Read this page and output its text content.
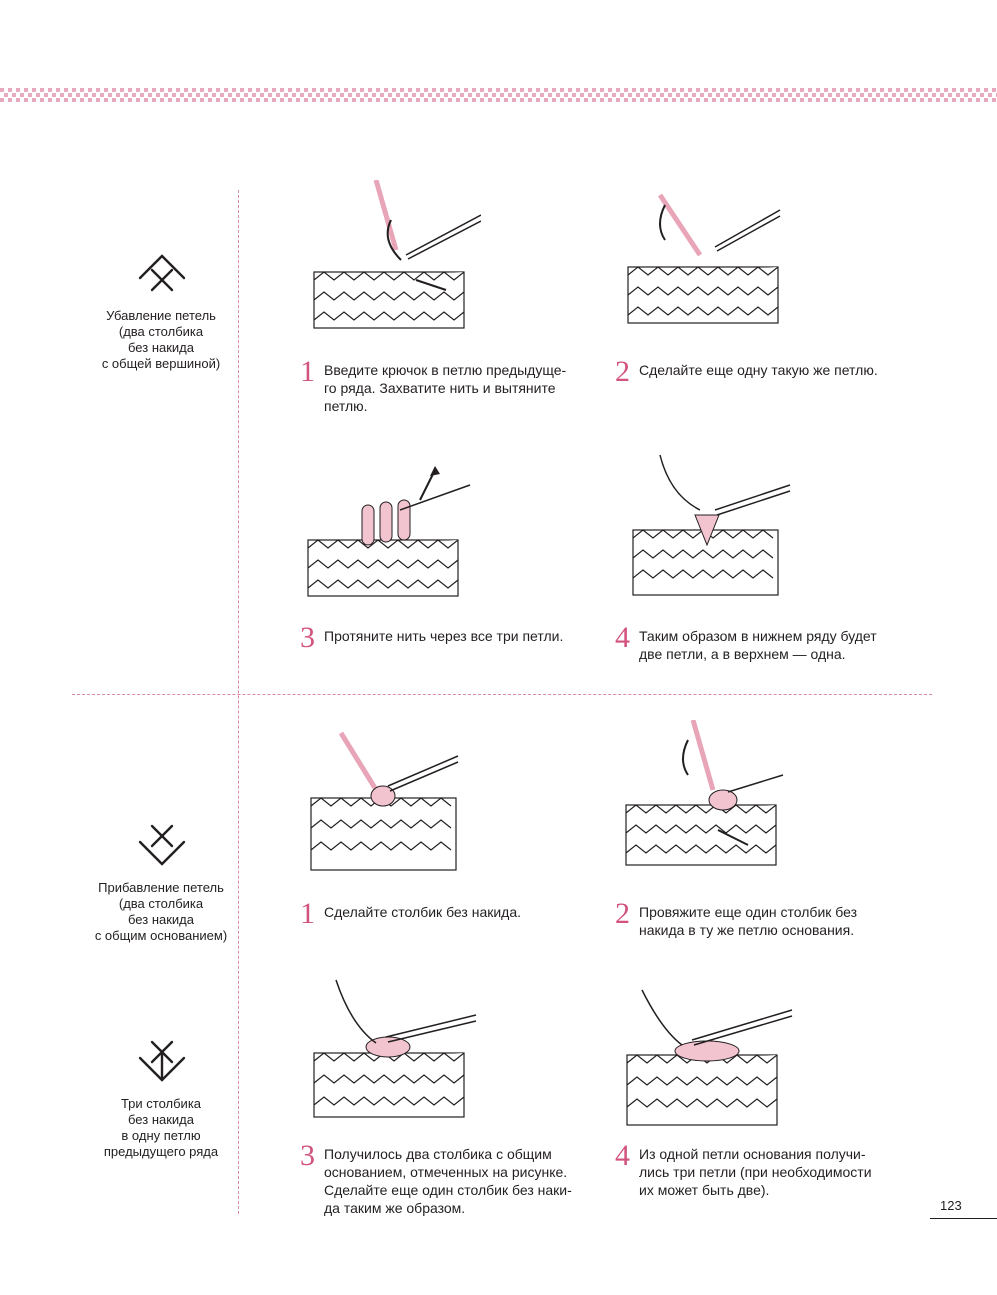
Убавление петель
(два столбика
без накида
с общей вершиной)
Прибавление петель
(два столбика
без накида
с общим основанием)
Три столбика
без накида
в одну петлю
предыдущего ряда
1 Введите крючок в петлю предыдуще-
го ряда. Захватите нить и вытяните
петлю.
2 Сделайте еще одну такую же петлю.
3 Протяните нить через все три петли. 4 Таким образом в нижнем ряду будет
две петли, а в верхнем — одна.
1 Сделайте столбик без накида.	2 Провяжите еще один столбик без
накида в ту же петлю основания.
3 Получилось два столбика с общим
основанием, отмеченных на рисунке.
Сделайте еще один столбик без наки-
да таким же образом.
4 Из одной петли основания получи-
лись три петли (при необходимости
их может быть две).
123
